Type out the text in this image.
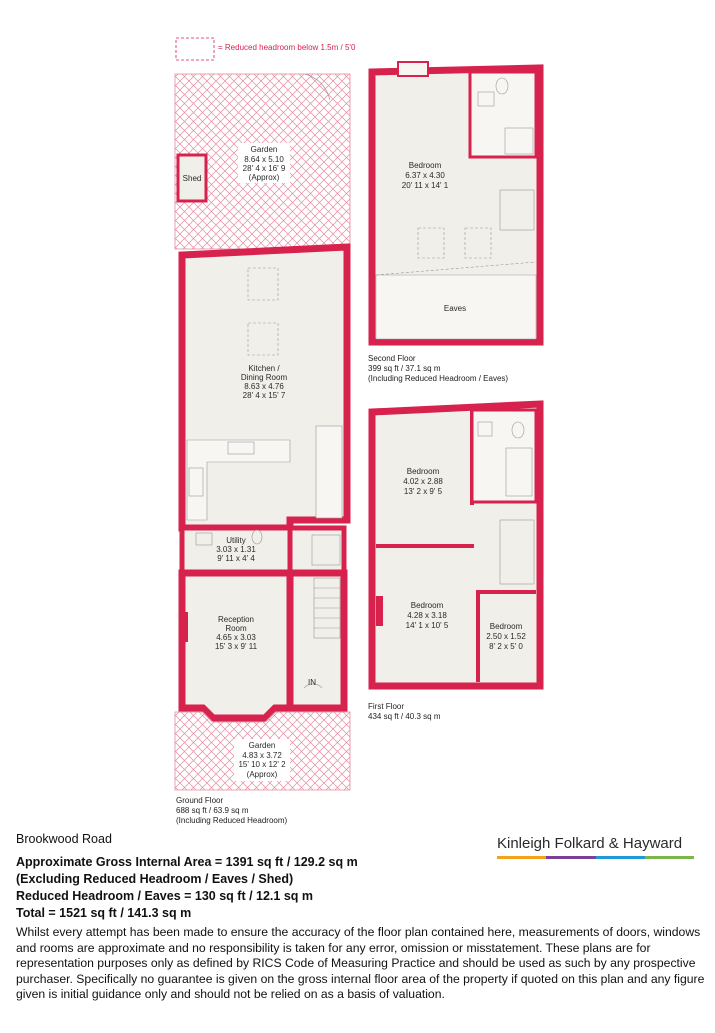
= Reduced headroom below 1.5m / 5'0
IN
Garden
8.64 x 5.10
28' 4 x 16' 9
(Approx)
Shed
Kitchen /
Dining Room
8.63 x 4.76
28' 4 x 15' 7
Utility
3.03 x 1.31
9' 11 x 4' 4
Reception
Room
4.65 x 3.03
15' 3 x 9' 11
Garden
4.83 x 3.72
15' 10 x 12' 2
(Approx)
Ground Floor
688 sq ft / 63.9 sq m
(Including Reduced Headroom)
Bedroom
6.37 x 4.30
20' 11 x 14' 1
Eaves
Second Floor
399 sq ft / 37.1 sq m
(Including Reduced Headroom / Eaves)
Bedroom
4.02 x 2.88
13' 2 x 9' 5
Bedroom
4.28 x 3.18
14' 1 x 10' 5	Bedroom
2.50 x 1.52
8' 2 x 5' 0
First Floor
434 sq ft / 40.3 sq m
Brookwood Road
Approximate Gross Internal Area = 1391 sq ft / 129.2 sq m
(Excluding Reduced Headroom / Eaves / Shed)
Reduced Headroom / Eaves = 130 sq ft / 12.1 sq m
Total = 1521 sq ft / 141.3 sq m
Whilst every attempt has been made to ensure the accuracy of the floor plan contained here, measurements of doors, windows and rooms are approximate and no responsibility is taken for any error, omission or misstatement. These plans are for representation purposes only as defined by RICS Code of Measuring Practice and should be used as such by any prospective purchaser. Specifically no guarantee is given on the gross internal floor area of the property if quoted on this plan and any figure given is initial guidance only and should not be relied on as a basis of valuation.
Kinleigh Folkard & Hayward
